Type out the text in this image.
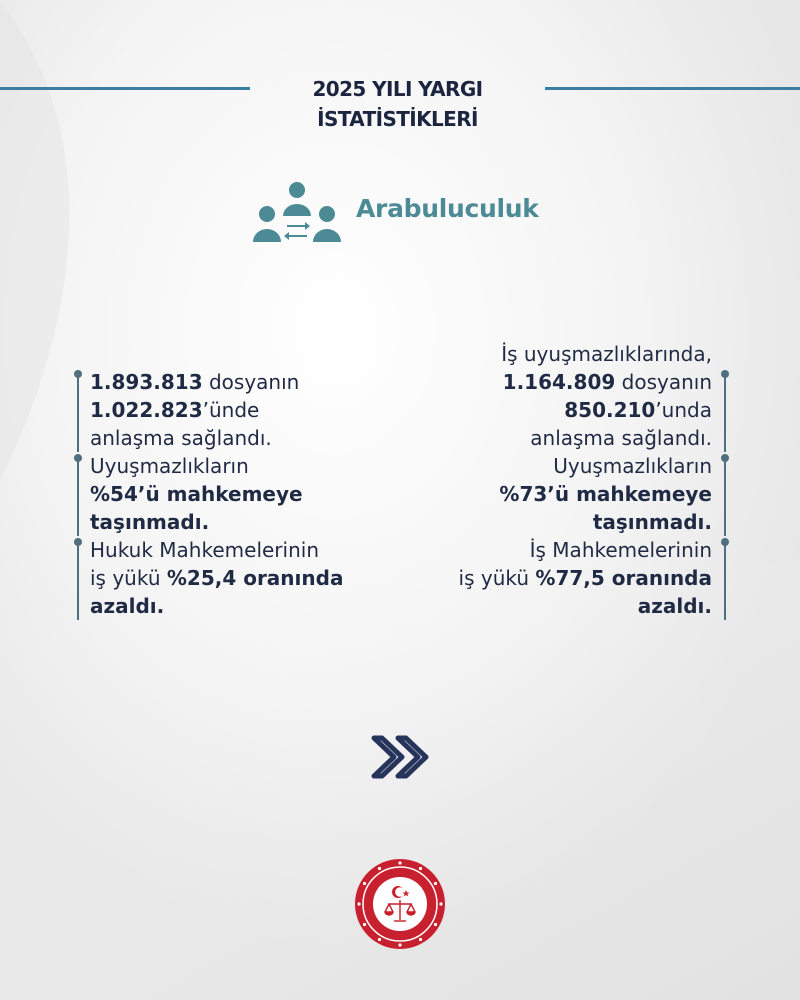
2025 YILI YARGI İSTATİSTİKLERİ
Arabuluculuk

1.893.813 dosyanın

1.022.823’ünde

anlaşma sağlandı.

Uyuşmazlıkların

%54’ü mahkemeye

taşınmadı.

Hukuk Mahkemelerinin

iş yükü %25,4 oranında

azaldı.

İş uyuşmazlıklarında,

1.164.809 dosyanın

850.210’unda

anlaşma sağlandı.

Uyuşmazlıkların

%73’ü mahkemeye

taşınmadı.

İş Mahkemelerinin

iş yükü %77,5 oranında

azaldı.
